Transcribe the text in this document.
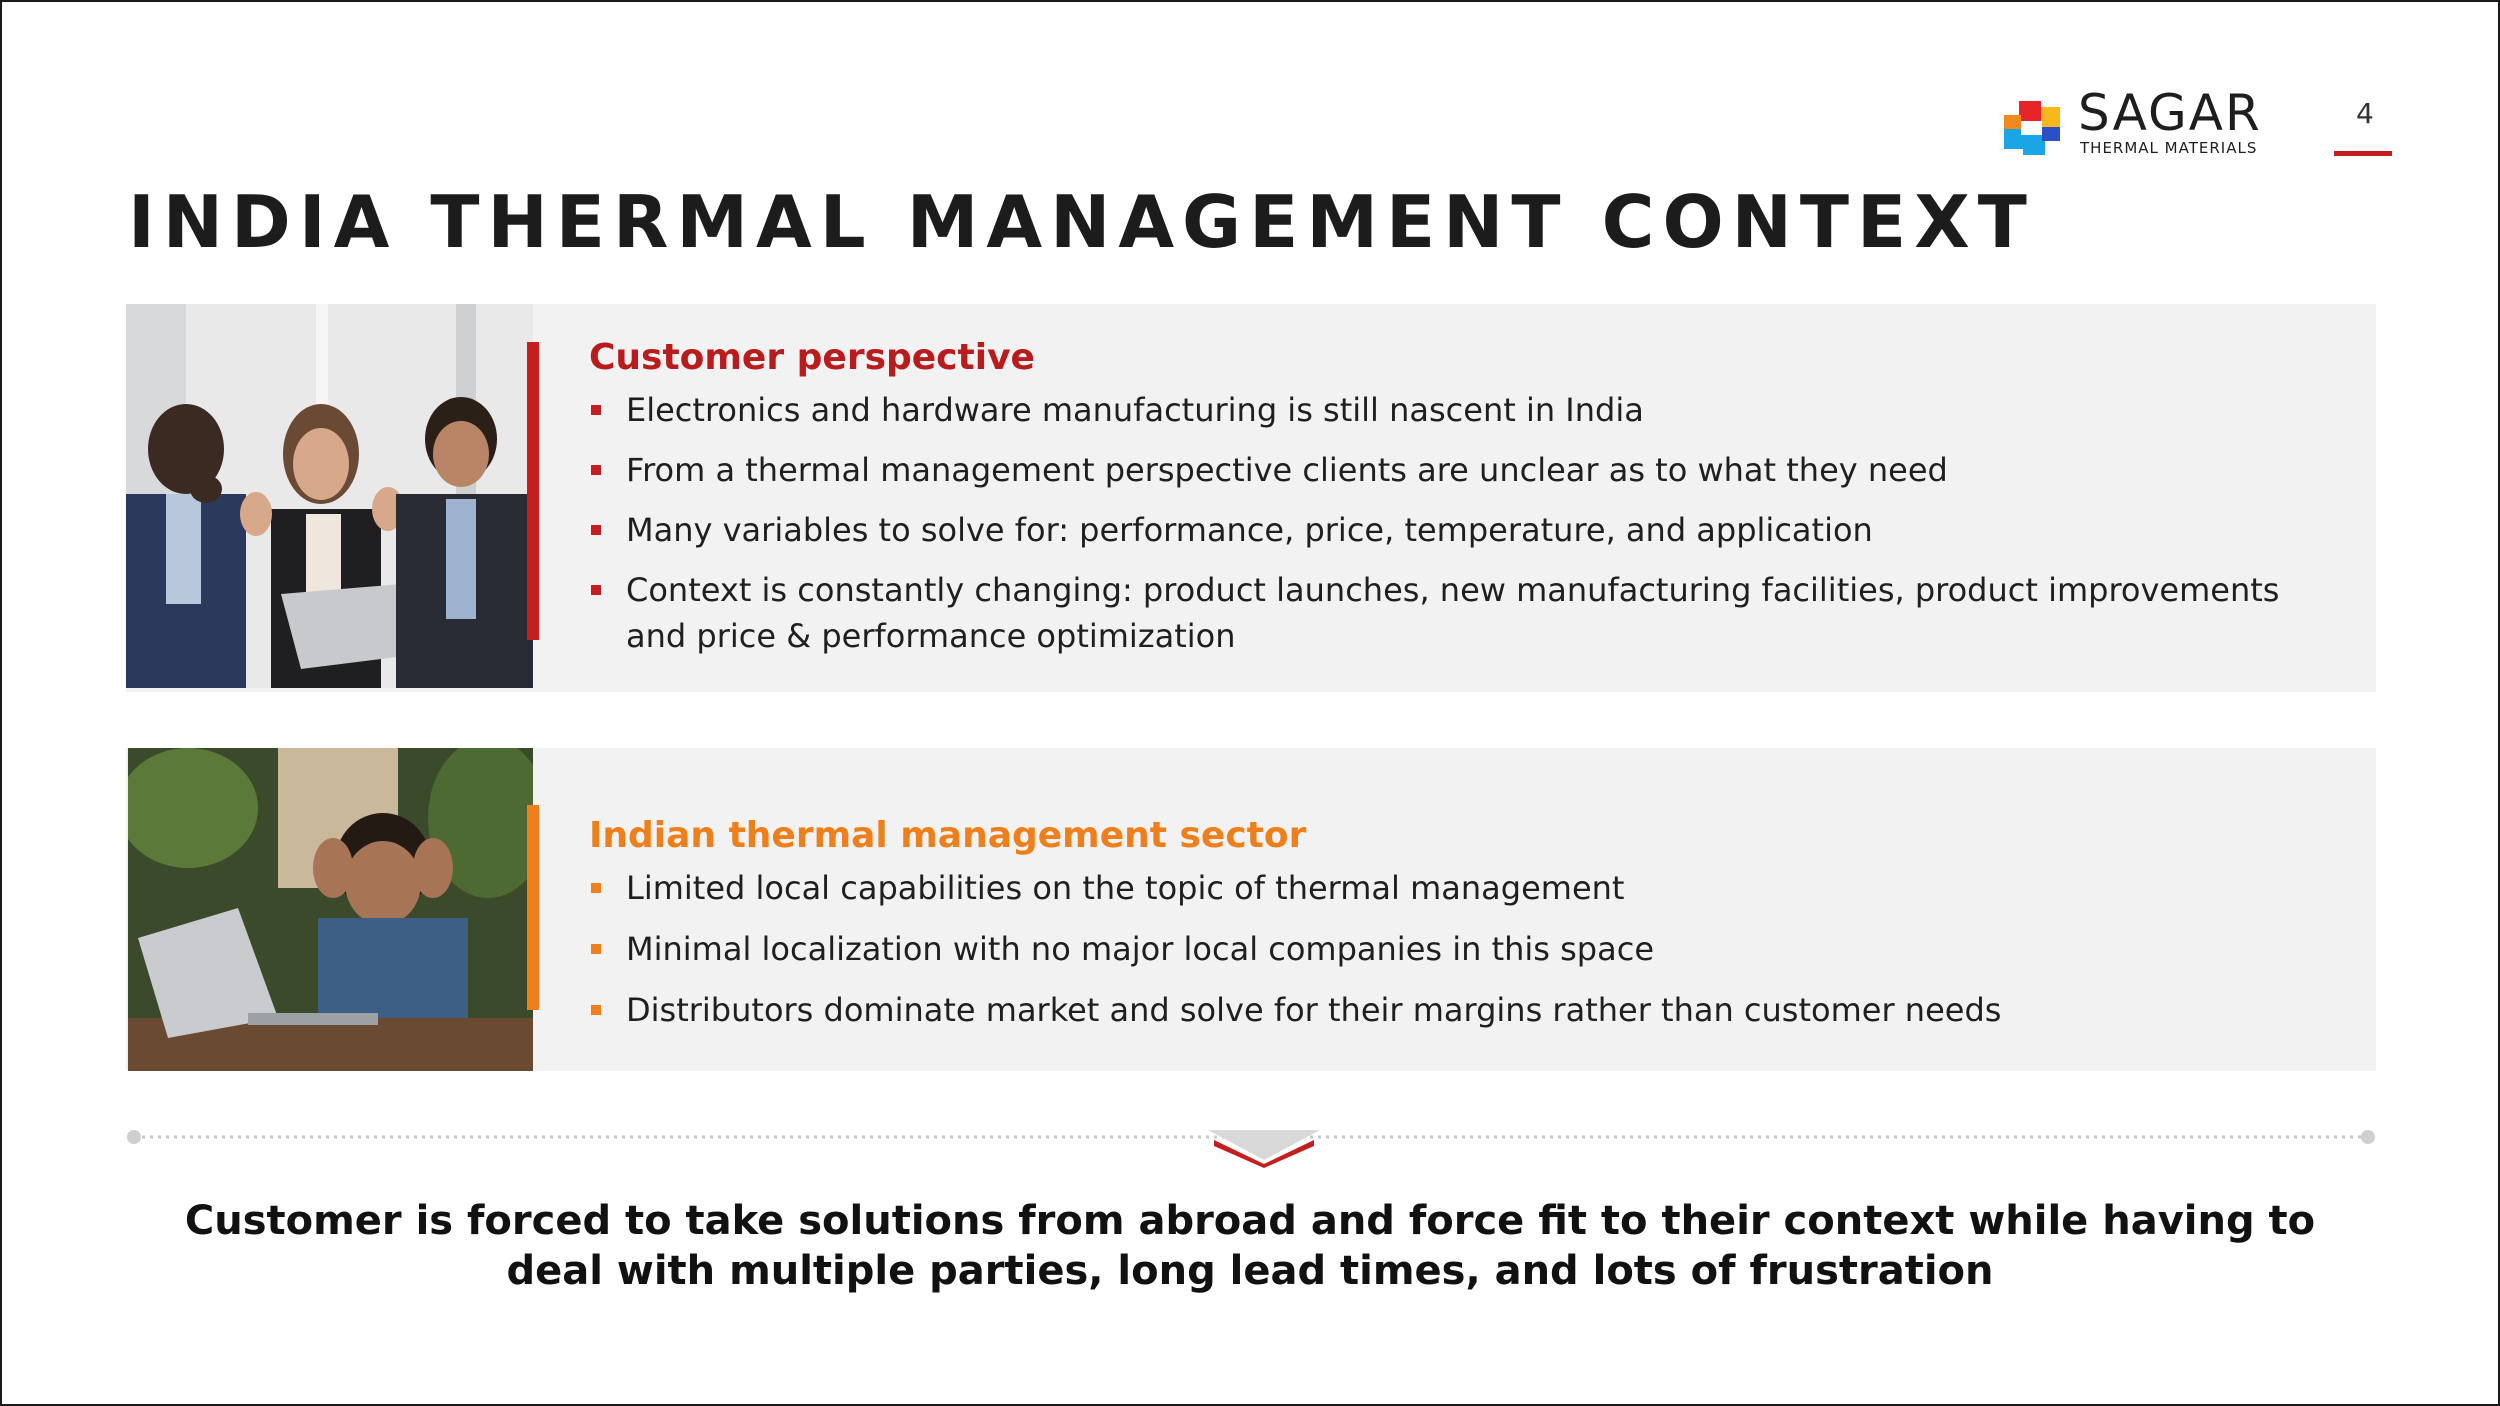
SAGAR
THERMAL MATERIALS
4
INDIA THERMAL MANAGEMENT CONTEXT
Customer perspective
Electronics and hardware manufacturing is still nascent in India
From a thermal management perspective clients are unclear as to what they need
Many variables to solve for: performance, price, temperature, and application
Context is constantly changing: product launches, new manufacturing facilities, product improvements and price & performance optimization
Indian thermal management sector
Limited local capabilities on the topic of thermal management
Minimal localization with no major local companies in this space
Distributors dominate market and solve for their margins rather than customer needs

Customer is forced to take solutions from abroad and force fit to their context while having to deal with multiple parties, long lead times, and lots of frustration
